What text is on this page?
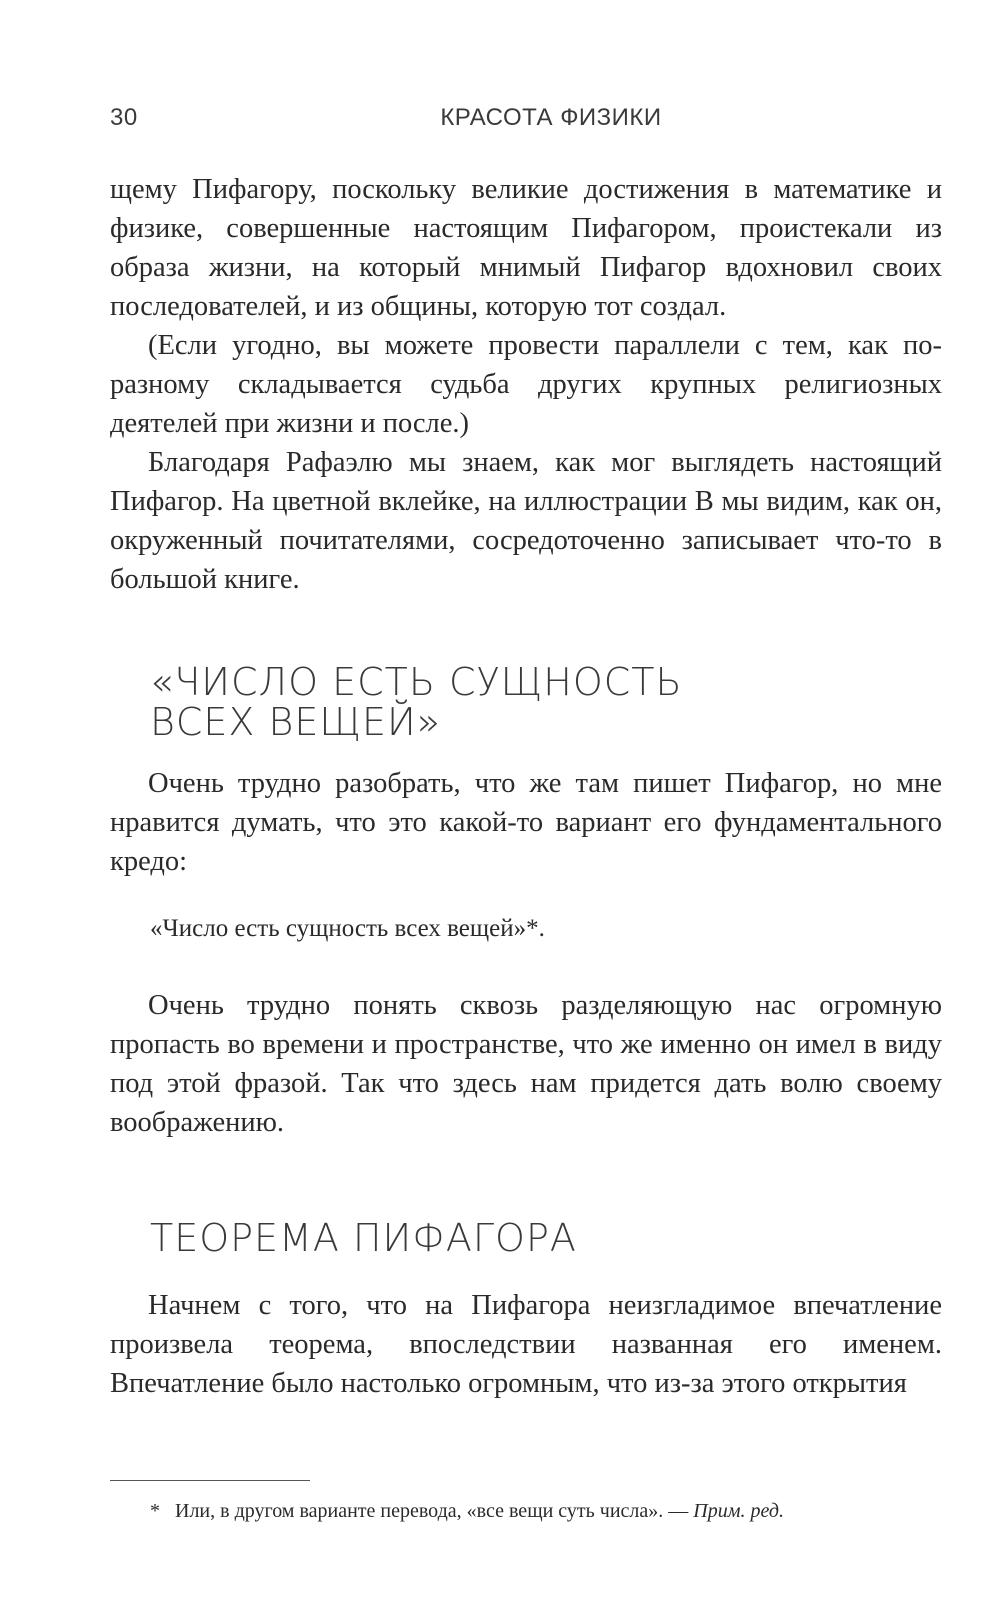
30	КРАСОТА ФИЗИКИ

щему Пифагору, поскольку великие достижения в математике и физике, совершенные настоящим Пифагором, проистекали из образа жизни, на который мнимый Пифагор вдохновил своих последователей, и из общины, которую тот создал.

(Если угодно, вы можете провести параллели с тем, как по-разному складывается судьба других крупных религиозных деятелей при жизни и после.)

Благодаря Рафаэлю мы знаем, как мог выглядеть настоящий Пифагор. На цветной вклейке, на иллюстрации В мы видим, как он, окруженный почитателями, сосредоточенно записывает что-то в большой книге.

«ЧИСЛО ЕСТЬ СУЩНОСТЬ
ВСЕХ ВЕЩЕЙ»

Очень трудно разобрать, что же там пишет Пифагор, но мне нравится думать, что это какой-то вариант его фундаментального кредо:

«Число есть сущность всех вещей»*.

Очень трудно понять сквозь разделяющую нас огромную пропасть во времени и пространстве, что же именно он имел в виду под этой фразой. Так что здесь нам придется дать волю своему воображению.

ТЕОРЕМА ПИФАГОРА

Начнем с того, что на Пифагора неизгладимое впечатление произвела теорема, впоследствии названная его именем. Впечатление было настолько огромным, что из-за этого открытия

* Или, в другом варианте перевода, «все вещи суть числа». — Прим. ред.
